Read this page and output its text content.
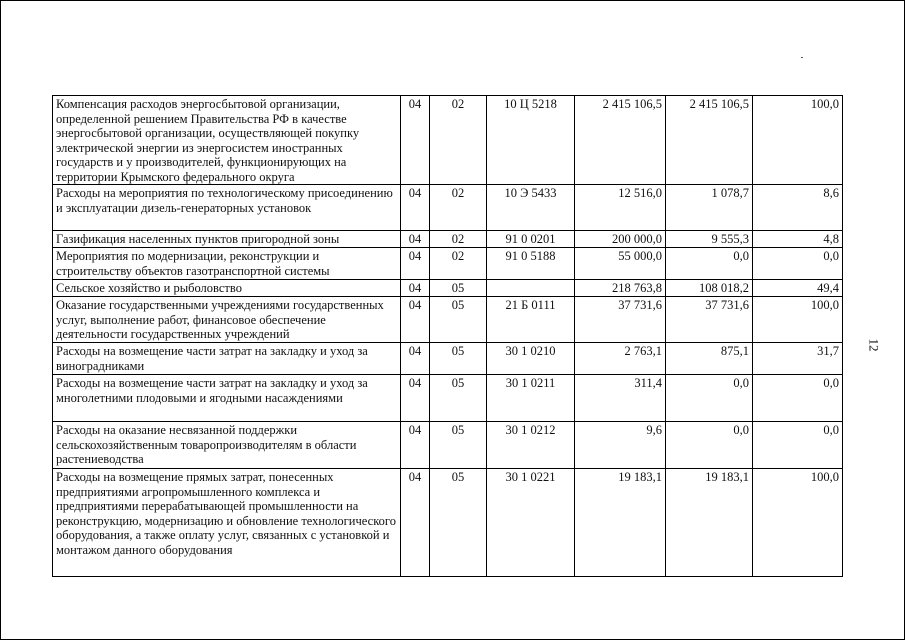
Компенсация расходов энергосбытовой организации, определенной решением Правительства РФ в качестве энергосбытовой организации, осуществляющей покупку электрической энергии из энергосистем иностранных государств и у производителей, функционирующих на территории Крымского федерального округа	04	02	10 Ц 5218	2 415 106,5	2 415 106,5	100,0
Расходы на мероприятия по технологическому присоединению и эксплуатации дизель-генераторных установок	04	02	10 Э 5433	12 516,0	1 078,7	8,6
Газификация населенных пунктов пригородной зоны	04	02	91 0 0201	200 000,0	9 555,3	4,8
Мероприятия по модернизации, реконструкции и строительству объектов газотранспортной системы	04	02	91 0 5188	55 000,0	0,0	0,0
Сельское хозяйство и рыболовство	04	05		218 763,8	108 018,2	49,4
Оказание государственными учреждениями государственных услуг, выполнение работ, финансовое обеспечение деятельности государственных учреждений	04	05	21 Б 0111	37 731,6	37 731,6	100,0
Расходы на возмещение части затрат на закладку и уход за виноградниками	04	05	30 1 0210	2 763,1	875,1	31,7
Расходы на возмещение части затрат на закладку и уход за многолетними плодовыми и ягодными насаждениями	04	05	30 1 0211	311,4	0,0	0,0
Расходы на оказание несвязанной поддержки сельскохозяйственным товаропроизводителям в области растениеводства	04	05	30 1 0212	9,6	0,0	0,0
Расходы на возмещение прямых затрат, понесенных предприятиями агропромышленного комплекса и предприятиями перерабатывающей промышленности на реконструкцию, модернизацию и обновление технологического оборудования, а также оплату услуг, связанных с установкой и монтажом данного оборудования	04	05	30 1 0221	19 183,1	19 183,1	100,0
12
